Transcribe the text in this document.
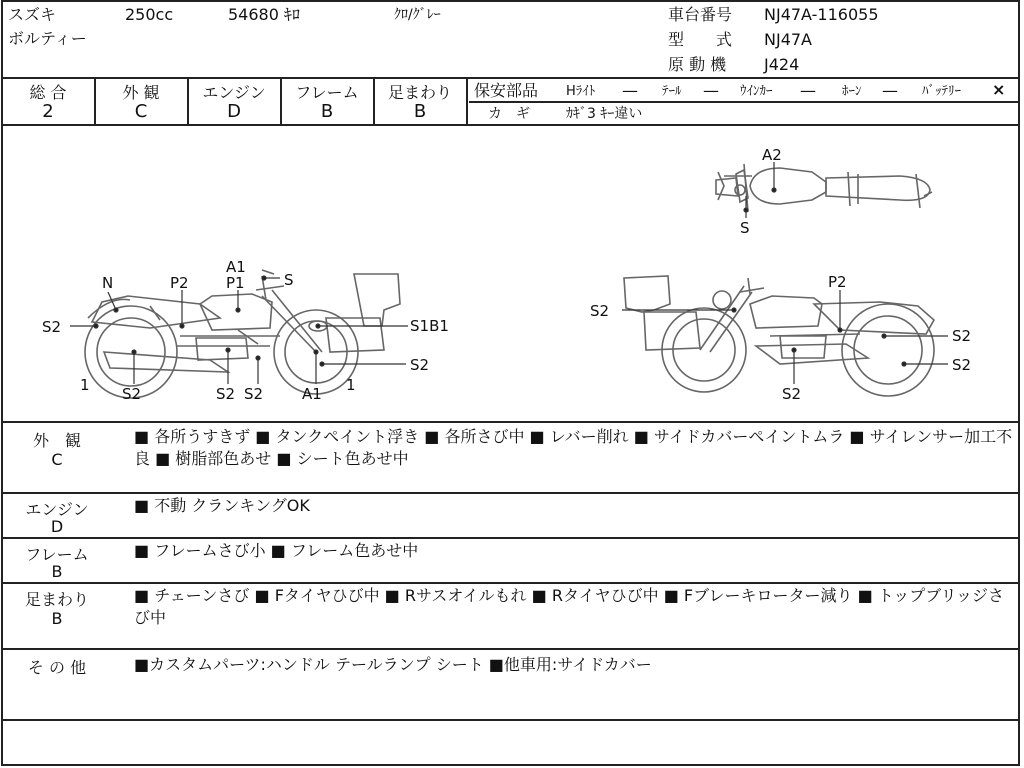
スズキ
ボルティー
250cc	54680 ｷﾛ	ｸﾛ/ｸﾞﾚｰ	車台番号 NJ47A-116055
型　　式 NJ47A
原 動 機 J424
総 合	外 観	エンジン	フレーム	足まわり
2	C	D	B	B
保安部品 Hﾗｲﾄ — ﾃｰﾙ — ｳｲﾝｶｰ — ﾎｰﾝ — ﾊﾞｯﾃﾘｰ ×
カ　ギ	ｶｷﾞ3 ｷｰ違い
N	P2
A1
P1	S
S2	S1B1
S2
1 S2	S2 S2	A1 1
S2
P2
S2
S2
S2
A2
S
外　観
C
■ 各所うすきず ■ タンクペイント浮き ■ 各所さび中 ■ レバー削れ ■ サイドカバーペイントムラ ■ サイレンサー加工不良 ■ 樹脂部色あせ ■ シート色あせ中
エンジン
D
■ 不動 クランキングOK
フレーム
B
■ フレームさび小 ■ フレーム色あせ中
足まわり
B
■ チェーンさび ■ Fタイヤひび中 ■ Rサスオイルもれ ■ Rタイヤひび中 ■ Fブレーキローター減り ■ トップブリッジさび中
そ の 他	■カスタムパーツ:ハンドル テールランプ シート ■他車用:サイドカバー
